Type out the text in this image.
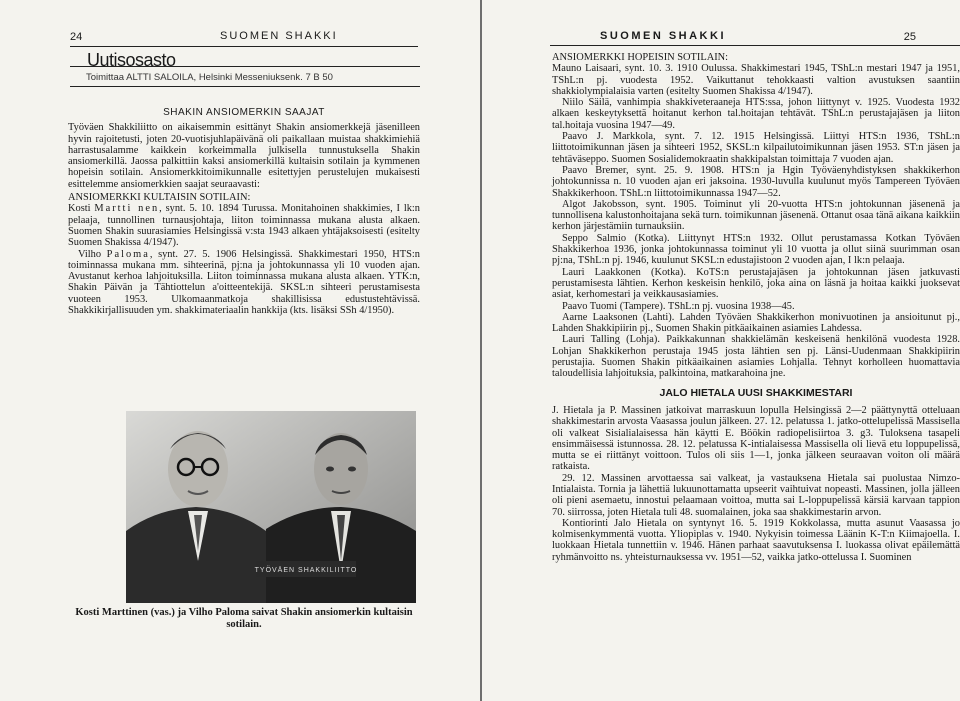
24	SUOMEN SHAKKI
Uutisosasto
Toimittaa ALTTI SALOILA, Helsinki Messeniuksenk. 7 B 50
SHAKIN ANSIOMERKIN SAAJAT

Työväen Shakkiliitto on aikaisemmin esittänyt Shakin ansiomerkkejä jäsenilleen hyvin rajoitetusti, joten 20-vuotisjuhlapäivänä oli paikallaan muistaa shakkimiehiä harrastusalamme kaikkein korkeimmalla julkisella tunnustuksella Shakin ansiomerkillä. Jaossa palkittiin kaksi ansiomerkillä kultaisin sotilain ja kymmenen hopeisin sotilain. Ansiomerkkitoimikunnalle esitettyjen perustelujen mukaisesti esittelemme ansiomerkkien saajat seuraavasti:

ANSIOMERKKI KULTAISIN SOTILAIN:

Kosti Martti nen, synt. 5. 10. 1894 Turussa. Monitahoinen shakkimies, I lk:n pelaaja, tunnollinen turnausjohtaja, liiton toiminnassa mukana alusta alkaen. Suomen Shakin suurasiamies Helsingissä v:sta 1943 alkaen yhtäjaksoisesti (esitelty Suomen Shakissa 4/1947).

Vilho Paloma, synt. 27. 5. 1906 Helsingissä. Shakkimestari 1950, HTS:n toiminnassa mukana mm. sihteerinä, pj:na ja johtokunnassa yli 10 vuoden ajan. Avustanut kerhoa lahjoituksilla. Liiton toiminnassa mukana alusta alkaen. YTK:n, Shakin Päivän ja Tähtiottelun a'oitteentekijä. SKSL:n sihteeri perustamisesta vuoteen 1953. Ulkomaanmatkoja shakillisissa edustustehtävissä. Shakkikirjallisuuden ym. shakkimateriaalin hankkija (kts. lisäksi SSh 4/1950).

TYÖVÄEN SHAKKILIITTO
Kosti Marttinen (vas.) ja Vilho Paloma saivat Shakin ansiomerkin kultaisin sotilain.
SUOMEN SHAKKI	25
ANSIOMERKKI HOPEISIN SOTILAIN:

Mauno Laisaari, synt. 10. 3. 1910 Oulussa. Shakkimestari 1945, TShL:n mestari 1947 ja 1951, TShL:n pj. vuodesta 1952. Vaikuttanut tehokkaasti valtion avustuksen saantiin shakkiolympialaisia varten (esitelty Suomen Shakissa 4/1947).

Niilo Säilä, vanhimpia shakkiveteraaneja HTS:ssa, johon liittynyt v. 1925. Vuodesta 1932 alkaen keskeytyksettä hoitanut kerhon tal.hoitajan tehtävät. TShL:n perustajajäsen ja liiton tal.hoitaja vuosina 1947—49.

Paavo J. Markkola, synt. 7. 12. 1915 Helsingissä. Liittyi HTS:n 1936, TShL:n liittotoimikunnan jäsen ja sihteeri 1952, SKSL:n kilpailutoimikunnan jäsen 1953. ST:n jäsen ja tehtäväseppo. Suomen Sosialidemokraatin shakkipalstan toimittaja 7 vuoden ajan.

Paavo Bremer, synt. 25. 9. 1908. HTS:n ja Hgin Työväenyhdistyksen shakkikerhon johtokunnissa n. 10 vuoden ajan eri jaksoina. 1930-luvulla kuulunut myös Tampereen Työväen Shakkikerhoon. TShL:n liittotoimikunnassa 1947—52.

Algot Jakobsson, synt. 1905. Toiminut yli 20-vuotta HTS:n johtokunnan jäsenenä ja tunnollisena kalustonhoitajana sekä turn. toimikunnan jäsenenä. Ottanut osaa tänä aikana kaikkiin kerhon järjestämiin turnauksiin.

Seppo Salmio (Kotka). Liittynyt HTS:n 1932. Ollut perustamassa Kotkan Työväen Shakkikerhoa 1936, jonka johtokunnassa toiminut yli 10 vuotta ja ollut siinä suurimman osan pj:na, TShL:n pj. 1946, kuulunut SKSL:n edustajistoon 2 vuoden ajan, I lk:n pelaaja.

Lauri Laakkonen (Kotka). KoTS:n perustajajäsen ja johtokunnan jäsen jatkuvasti perustamisesta lähtien. Kerhon keskeisin henkilö, joka aina on läsnä ja hoitaa kaikki juoksevat asiat, kerhomestari ja veikkausasiamies.

Paavo Tuomi (Tampere). TShL:n pj. vuosina 1938—45.

Aarne Laaksonen (Lahti). Lahden Työväen Shakkikerhon monivuotinen ja ansioitunut pj., Lahden Shakkipiirin pj., Suomen Shakin pitkäaikainen asiamies Lahdessa.

Lauri Talling (Lohja). Paikkakunnan shakkielämän keskeisenä henkilönä vuodesta 1928. Lohjan Shakkikerhon perustaja 1945 josta lähtien sen pj. Länsi-Uudenmaan Shakkipiirin perustajia. Suomen Shakin pitkäaikainen asiamies Lohjalla. Tehnyt korholleen huomattavia taloudellisia lahjoituksia, palkintoina, matkarahoina jne.

JALO HIETALA UUSI SHAKKIMESTARI

J. Hietala ja P. Massinen jatkoivat marraskuun lopulla Helsingissä 2—2 päättynyttä otteluaan shakkimestarin arvosta Vaasassa joulun jälkeen. 27. 12. pelatussa 1. jatko-ottelupelissä Massisella oli valkeat Sisialialaisessa hän käytti E. Böökin radiopelisiirtoa 3. g3. Tuloksena tasapeli ensimmäisessä istunnossa. 28. 12. pelatussa K-intialaisessa Massisella oli lievä etu loppupelissä, mutta se ei riittänyt voittoon. Tulos oli siis 1—1, jonka jälkeen seuraavan voiton oli määrä ratkaista.

29. 12. Massinen arvottaessa sai valkeat, ja vastauksena Hietala sai puolustaa Nimzo-Intialaista. Tornia ja lähettiä lukuunottamatta upseerit vaihtuivat nopeasti. Massinen, jolla jälleen oli pieni asemaetu, innostui pelaamaan voittoa, mutta sai L-loppupelissä kärsiä karvaan tappion 70. siirrossa, joten Hietala tuli 48. suomalainen, joka saa shakkimestarin arvon.

Kontiorinti Jalo Hietala on syntynyt 16. 5. 1919 Kokkolassa, mutta asunut Vaasassa jo kolmisenkymmentä vuotta. Yliopiplas v. 1940. Nykyisin toimessa Läänin K-T:n Kiimajoella. I. luokkaan Hietala tunnettiin v. 1946. Hänen parhaat saavutuksensa I. luokassa olivat epäilemättä ryhmänvoitto ns. yhteisturnauksessa vv. 1951—52, vaikka jatko-ottelussa I. Suominen
